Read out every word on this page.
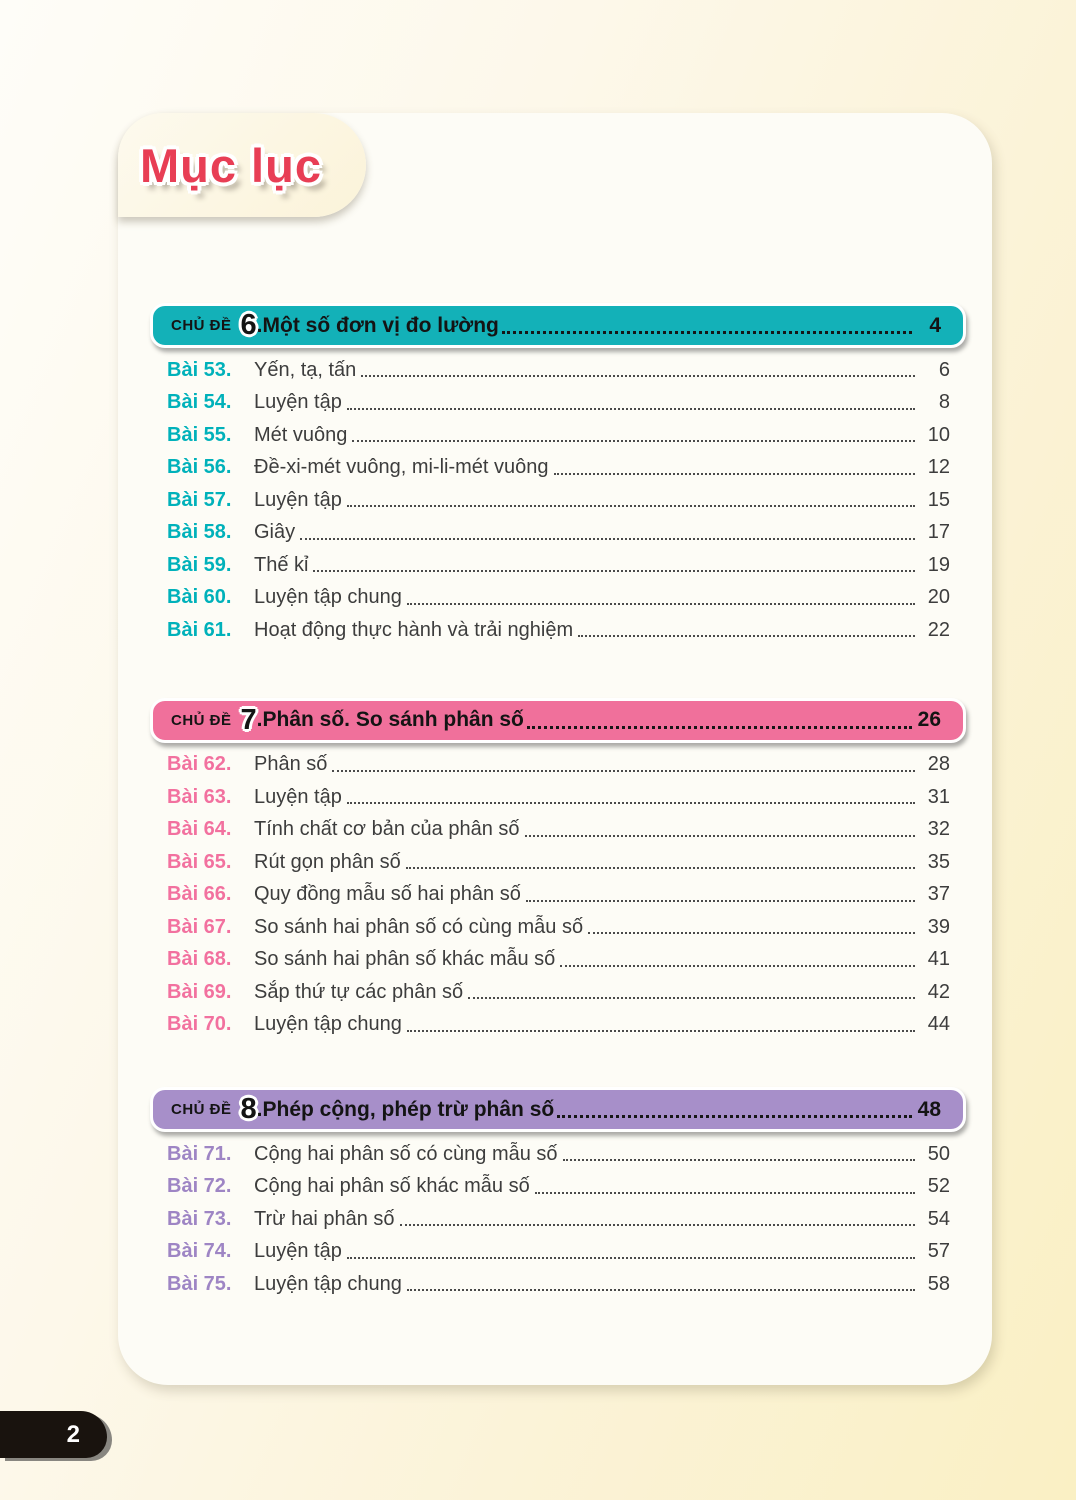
CHỦ ĐỀ 6 . Một số đơn vị đo lường	4
Bài 53.	Yến, tạ, tấn	6
Bài 54.	Luyện tập	8
Bài 55.	Mét vuông	10
Bài 56.	Đề-xi-mét vuông, mi-li-mét vuông	12
Bài 57.	Luyện tập	15
Bài 58.	Giây	17
Bài 59.	Thế kỉ	19
Bài 60.	Luyện tập chung	20
Bài 61.	Hoạt động thực hành và trải nghiệm	22
CHỦ ĐỀ 7 . Phân số. So sánh phân số	26
Bài 62.	Phân số	28
Bài 63.	Luyện tập	31
Bài 64.	Tính chất cơ bản của phân số	32
Bài 65.	Rút gọn phân số	35
Bài 66.	Quy đồng mẫu số hai phân số	37
Bài 67.	So sánh hai phân số có cùng mẫu số	39
Bài 68.	So sánh hai phân số khác mẫu số	41
Bài 69.	Sắp thứ tự các phân số	42
Bài 70.	Luyện tập chung	44
CHỦ ĐỀ 8 . Phép cộng, phép trừ phân số	48
Bài 71.	Cộng hai phân số có cùng mẫu số	50
Bài 72.	Cộng hai phân số khác mẫu số	52
Bài 73.	Trừ hai phân số	54
Bài 74.	Luyện tập	57
Bài 75.	Luyện tập chung	58
Mục lục
2
